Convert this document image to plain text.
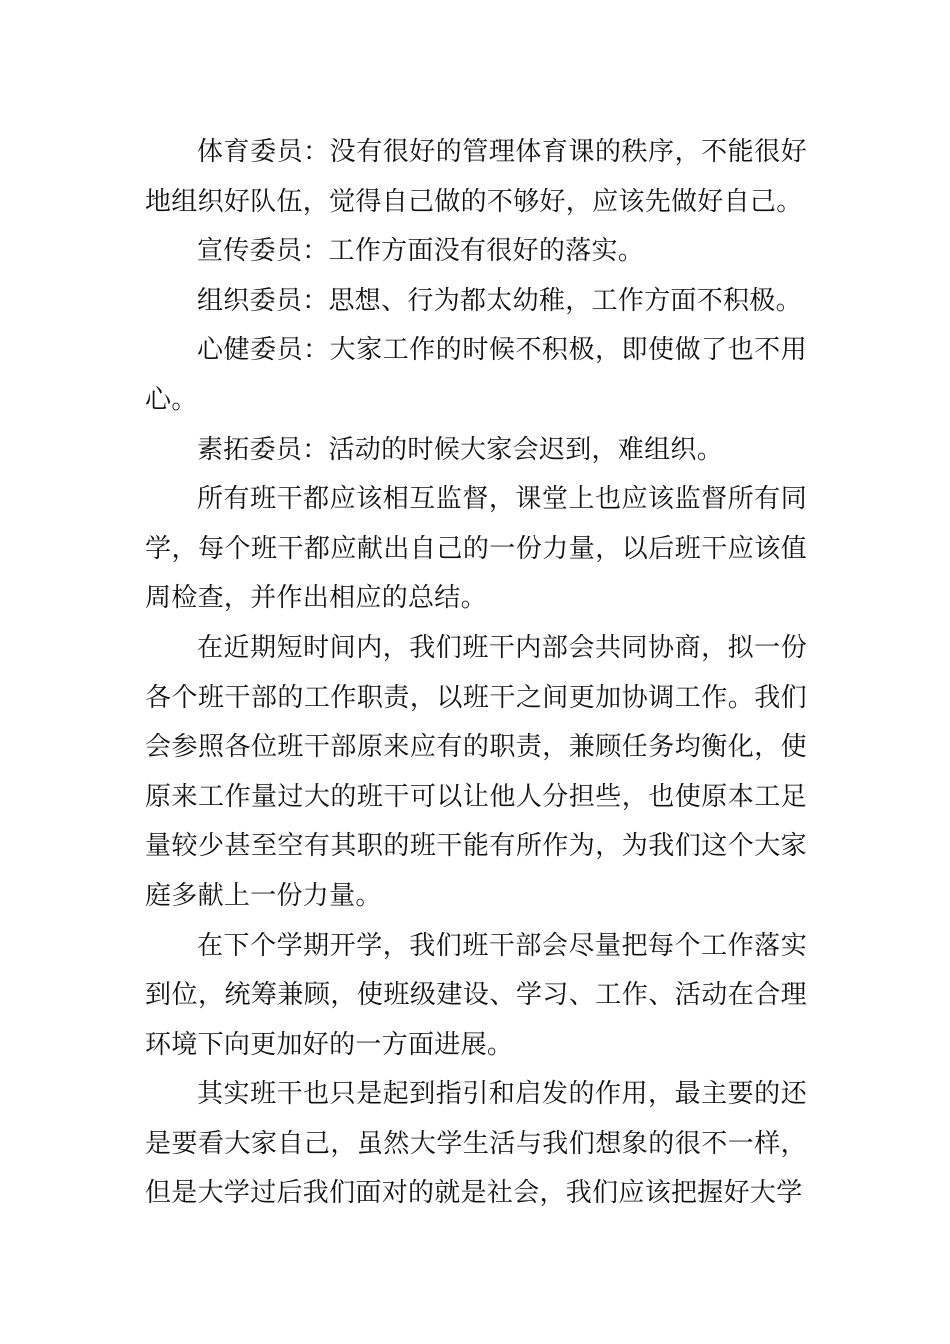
体育委员：没有很好的管理体育课的秩序，不能很好地组织好队伍，觉得自己做的不够好，应该先做好自己。

宣传委员：工作方面没有很好的落实。

组织委员：思想、行为都太幼稚，工作方面不积极。

心健委员：大家工作的时候不积极，即使做了也不用心。

素拓委员：活动的时候大家会迟到，难组织。

所有班干都应该相互监督，课堂上也应该监督所有同学，每个班干都应献出自己的一份力量，以后班干应该值周检查，并作出相应的总结。

在近期短时间内，我们班干内部会共同协商，拟一份各个班干部的工作职责，以班干之间更加协调工作。我们会参照各位班干部原来应有的职责，兼顾任务均衡化，使原来工作量过大的班干可以让他人分担些，也使原本工足量较少甚至空有其职的班干能有所作为，为我们这个大家庭多献上一份力量。

在下个学期开学，我们班干部会尽量把每个工作落实到位，统筹兼顾，使班级建设、学习、工作、活动在合理环境下向更加好的一方面进展。

其实班干也只是起到指引和启发的作用，最主要的还是要看大家自己，虽然大学生活与我们想象的很不一样，但是大学过后我们面对的就是社会，我们应该把握好大学
